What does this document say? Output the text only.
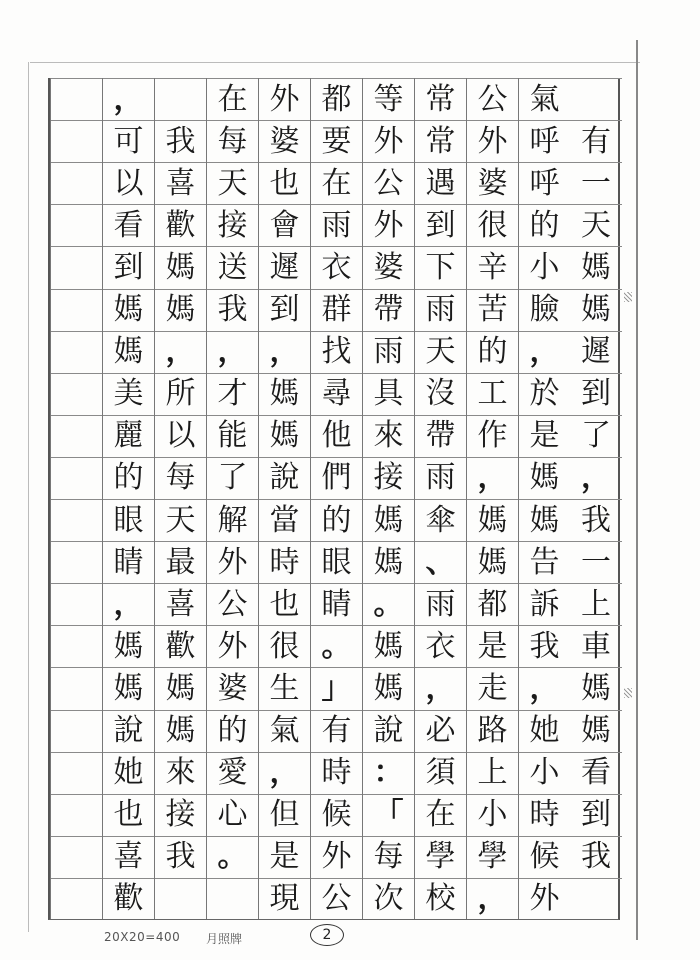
有
一
天
媽
媽
遲
到
了
，
我
一
上
車
媽
媽
看
到
我
氣
呼
呼
的
小
臉
，
於
是
媽
媽
告
訴
我
，
她
小
時
候
外
公
外
婆
很
辛
苦
的
工
作
，
媽
媽
都
是
走
路
上
小
學
，
常
常
遇
到
下
雨
天
沒
帶
雨
傘
、
雨
衣
，
必
須
在
學
校
等
外
公
外
婆
帶
雨
具
來
接
媽
媽
。
媽
媽
說
：
「
每
次
都
要
在
雨
衣
群
找
尋
他
們
的
眼
睛
。
」
有
時
候
外
公
外
婆
也
會
遲
到
，
媽
媽
說
當
時
也
很
生
氣
，
但
是
現
在
每
天
接
送
我
，
才
能
了
解
外
公
外
婆
的
愛
心
。
我
喜
歡
媽
媽
，
所
以
每
天
最
喜
歡
媽
媽
來
接
我
，
可
以
看
到
媽
媽
美
麗
的
眼
睛
，
媽
媽
說
她
也
喜
歡
20X20=400 月照牌	2
